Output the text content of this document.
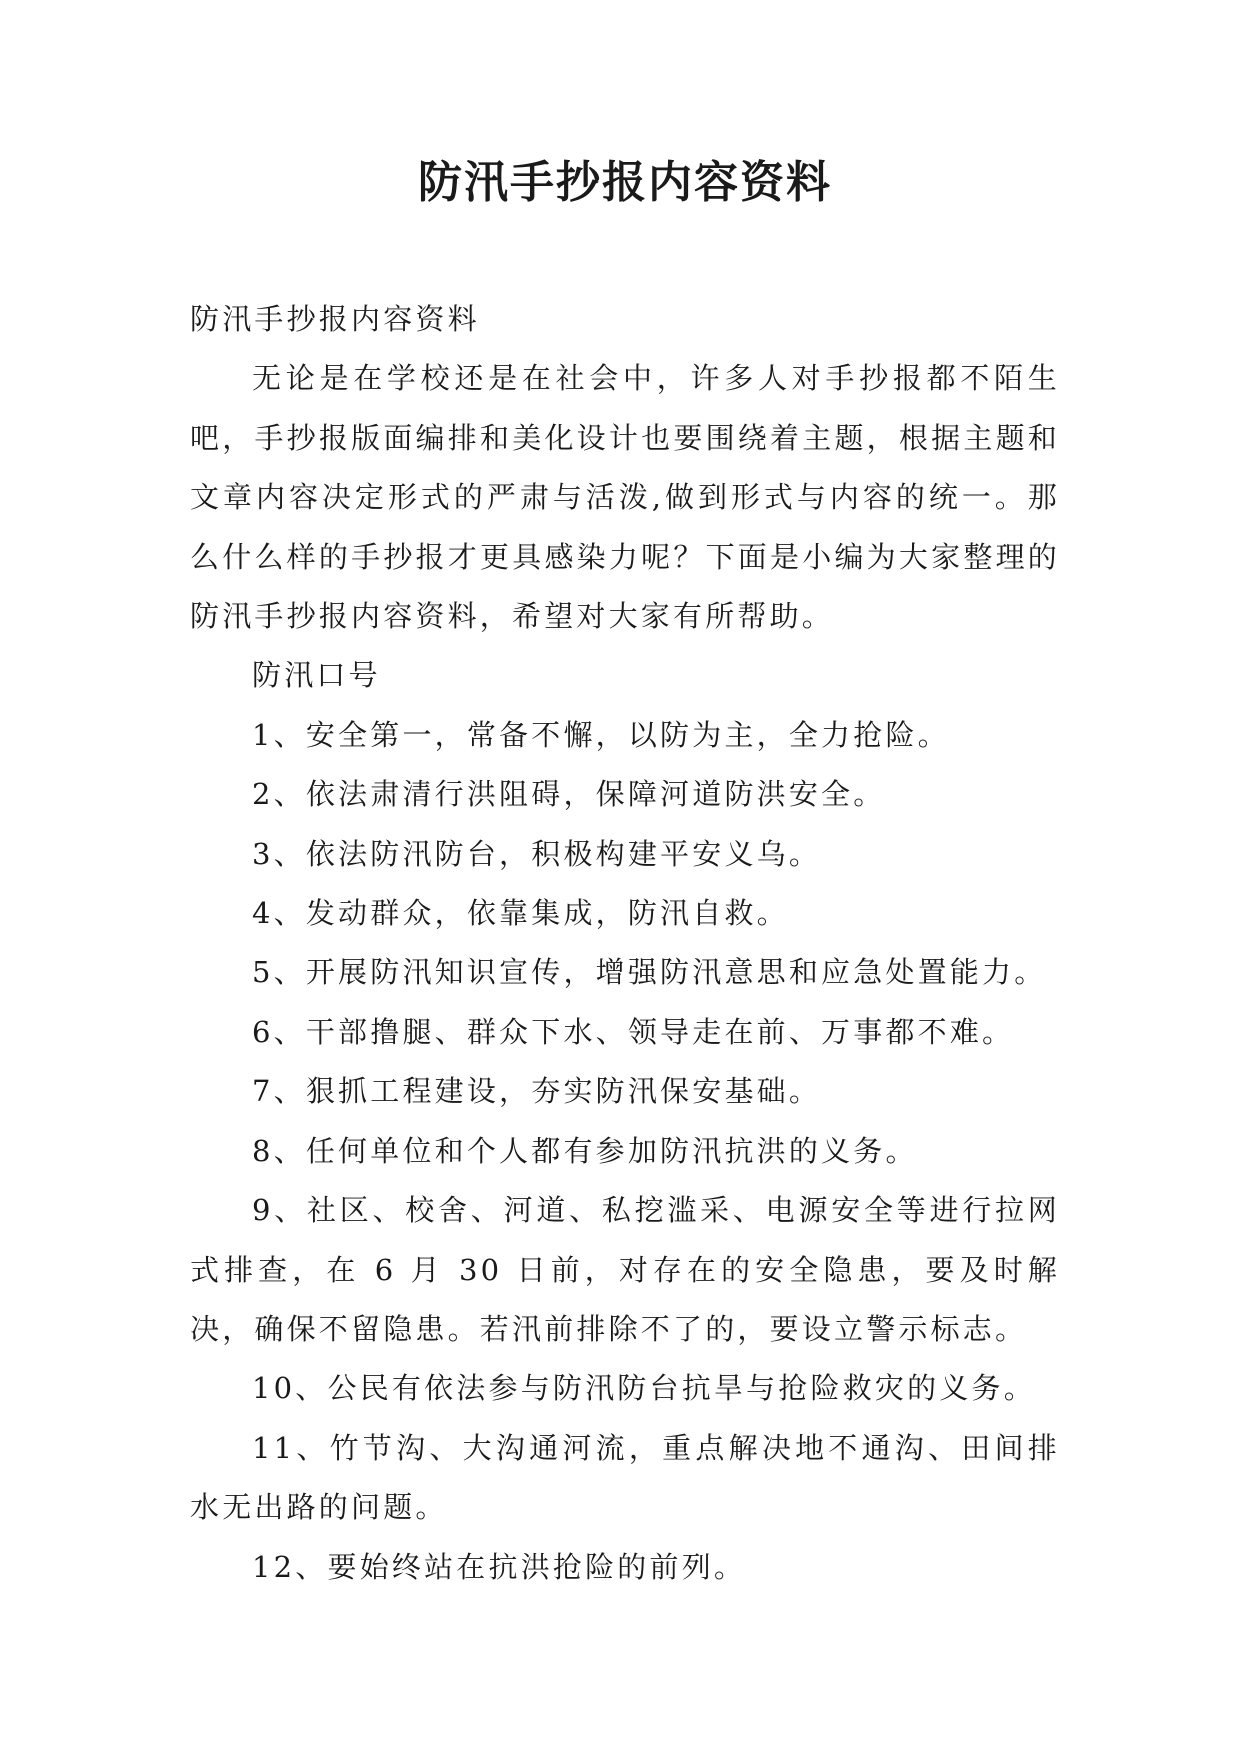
防汛手抄报内容资料

防汛手抄报内容资料

无论是在学校还是在社会中，许多人对手抄报都不陌生吧，手抄报版面编排和美化设计也要围绕着主题，根据主题和文章内容决定形式的严肃与活泼,做到形式与内容的统一。那么什么样的手抄报才更具感染力呢？下面是小编为大家整理的防汛手抄报内容资料，希望对大家有所帮助。

防汛口号

1、安全第一，常备不懈，以防为主，全力抢险。

2、依法肃清行洪阻碍，保障河道防洪安全。

3、依法防汛防台，积极构建平安义乌。

4、发动群众，依靠集成，防汛自救。

5、开展防汛知识宣传，增强防汛意思和应急处置能力。

6、干部撸腿、群众下水、领导走在前、万事都不难。

7、狠抓工程建设，夯实防汛保安基础。

8、任何单位和个人都有参加防汛抗洪的义务。

9、社区、校舍、河道、私挖滥采、电源安全等进行拉网式排查，在 6 月 30 日前，对存在的安全隐患，要及时解决，确保不留隐患。若汛前排除不了的，要设立警示标志。

10、公民有依法参与防汛防台抗旱与抢险救灾的义务。

11、竹节沟、大沟通河流，重点解决地不通沟、田间排水无出路的问题。

12、要始终站在抗洪抢险的前列。
